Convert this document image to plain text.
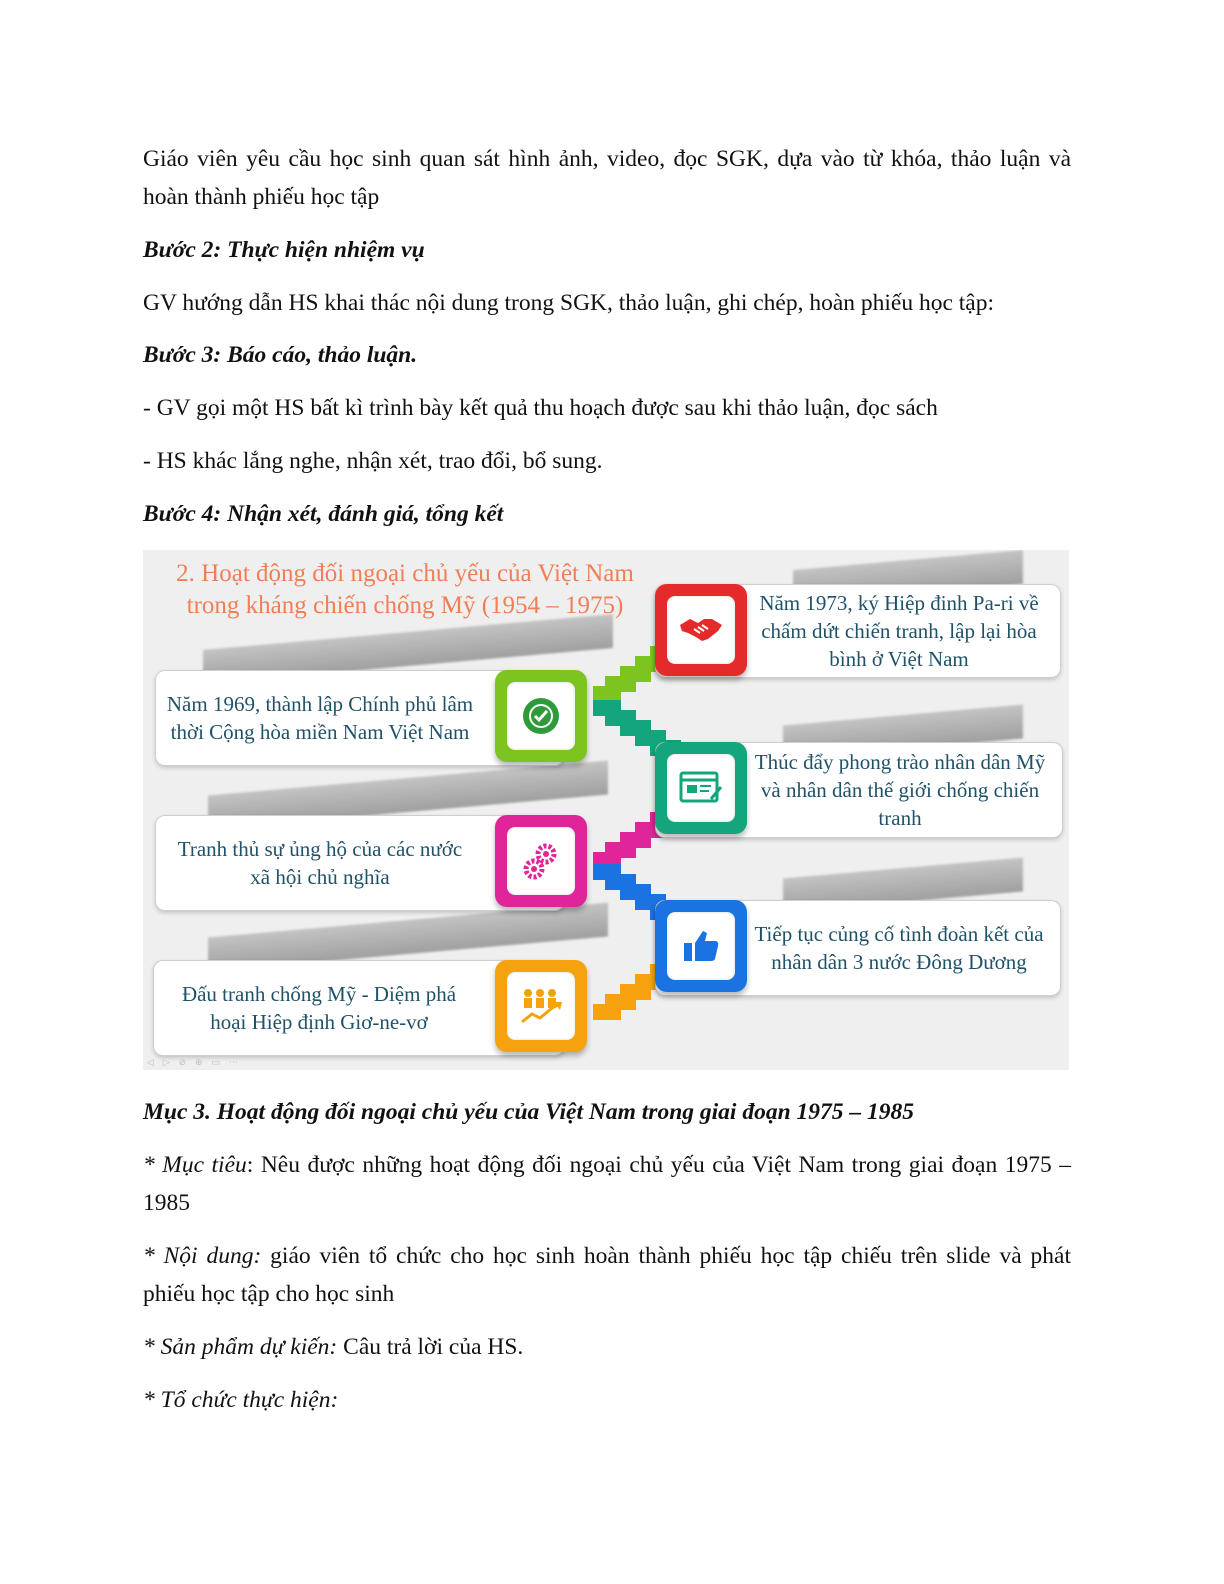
Giáo viên yêu cầu học sinh quan sát hình ảnh, video, đọc SGK, dựa vào từ khóa, thảo luận và hoàn thành phiếu học tập

Bước 2: Thực hiện nhiệm vụ

GV hướng dẫn HS khai thác nội dung trong SGK, thảo luận, ghi chép, hoàn phiếu học tập:

Bước 3: Báo cáo, thảo luận.

- GV gọi một HS bất kì trình bày kết quả thu hoạch được sau khi thảo luận, đọc sách

- HS khác lắng nghe, nhận xét, trao đổi, bổ sung.

Bước 4: Nhận xét, đánh giá, tổng kết

2. Hoạt động đối ngoại chủ yếu của Việt Nam trong kháng chiến chống Mỹ (1954 – 1975)	Năm 1973, ký Hiệp đinh Pa-ri về chấm dứt chiến tranh, lập lại hòa bình ở Việt Nam
Năm 1969, thành lập Chính phủ lâm thời Cộng hòa miền Nam Việt Nam
Thúc đẩy phong trào nhân dân Mỹ và nhân dân thế giới chống chiến tranh
Tranh thủ sự ủng hộ của các nước xã hội chủ nghĩa
Tiếp tục củng cố tình đoàn kết của nhân dân 3 nước Đông Dương
Đấu tranh chống Mỹ - Diệm phá hoại Hiệp định Giơ-ne-vơ
◁ ▷ ⊘ ⊕ ▭ ⋯

Mục 3. Hoạt động đối ngoại chủ yếu của Việt Nam trong giai đoạn 1975 – 1985

* Mục tiêu: Nêu được những hoạt động đối ngoại chủ yếu của Việt Nam trong giai đoạn 1975 – 1985

* Nội dung: giáo viên tổ chức cho học sinh hoàn thành phiếu học tập chiếu trên slide và phát phiếu học tập cho học sinh

* Sản phẩm dự kiến: Câu trả lời của HS.

* Tổ chức thực hiện:
